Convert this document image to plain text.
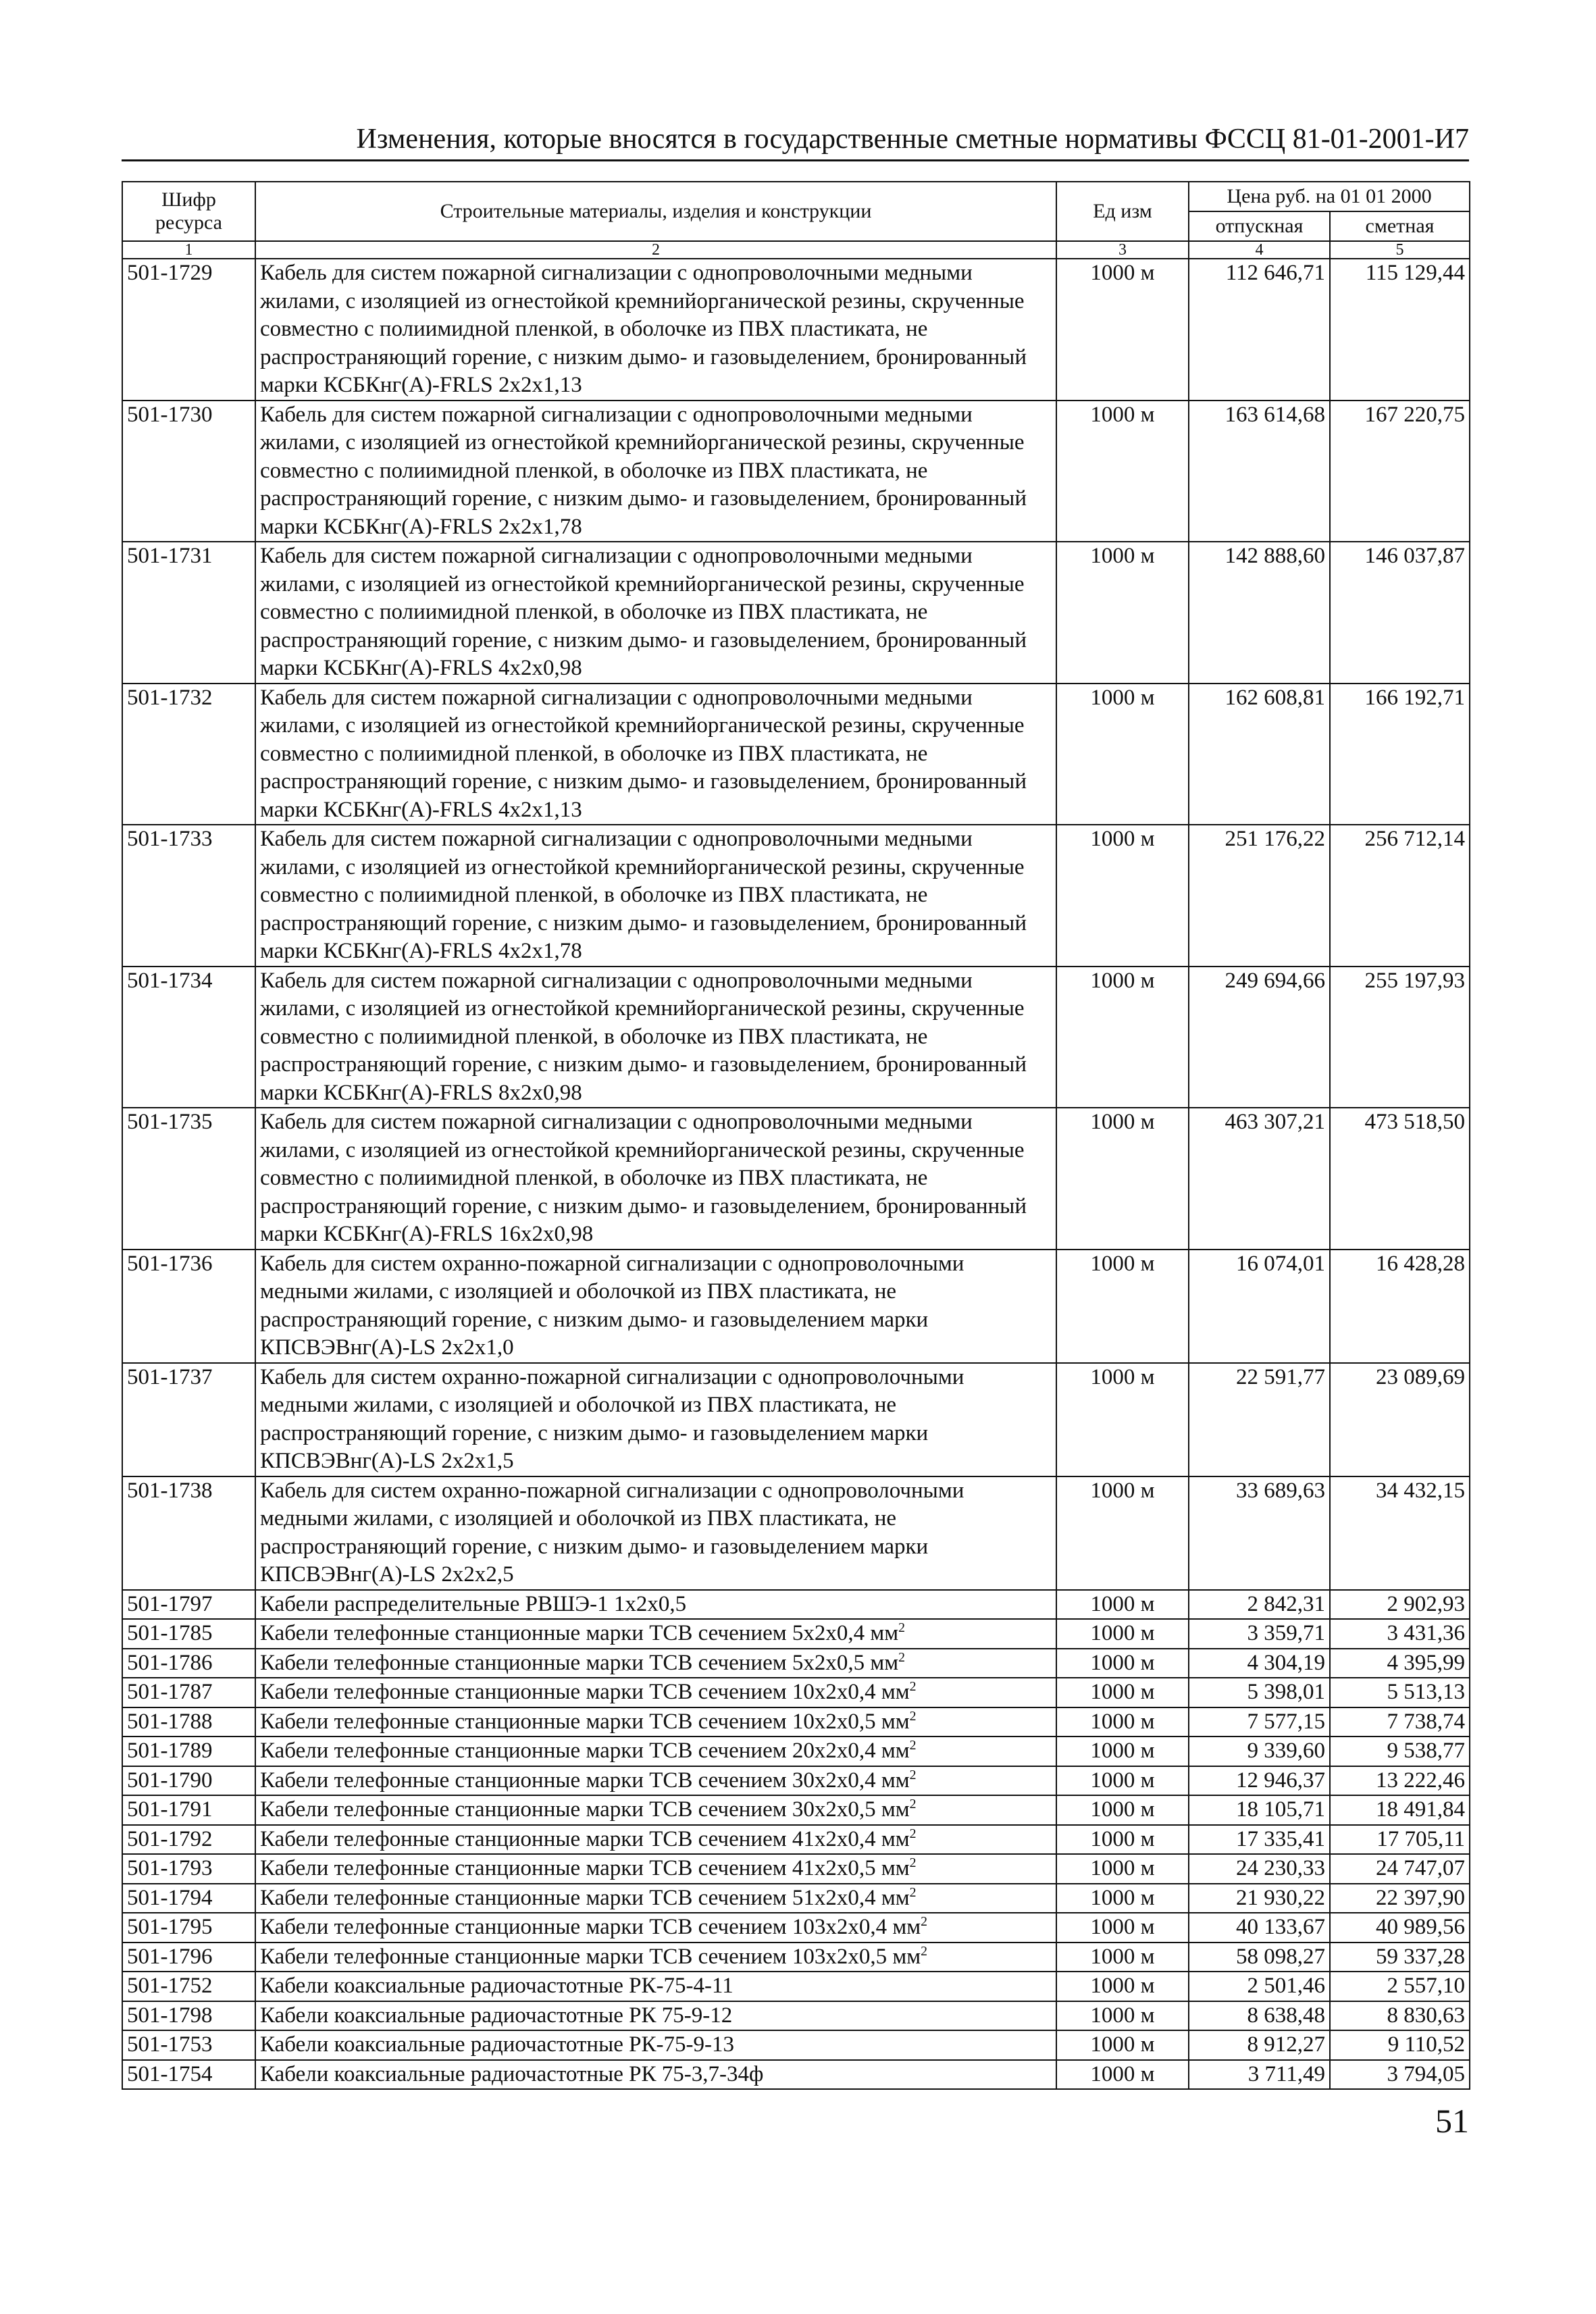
Изменения, которые вносятся в государственные сметные нормативы ФССЦ 81-01-2001-И7
Шифр ресурса	Строительные материалы, изделия и конструкции	Ед изм	Цена руб. на 01 01 2000	
			отпускная	сметная
1	2	3	4	5
501-1729	Кабель для систем пожарной сигнализации с однопроволочными медными жилами, с изоляцией из огнестойкой кремнийорганической резины, скрученные совместно с полиимидной пленкой, в оболочке из ПВХ пластиката, не распространяющий горение, с низким дымо- и газовыделением, бронированный марки КСБКнг(А)-FRLS 2х2х1,13	1000 м	112 646,71	115 129,44
501-1730	Кабель для систем пожарной сигнализации с однопроволочными медными жилами, с изоляцией из огнестойкой кремнийорганической резины, скрученные совместно с полиимидной пленкой, в оболочке из ПВХ пластиката, не распространяющий горение, с низким дымо- и газовыделением, бронированный марки КСБКнг(А)-FRLS 2х2х1,78	1000 м	163 614,68	167 220,75
501-1731	Кабель для систем пожарной сигнализации с однопроволочными медными жилами, с изоляцией из огнестойкой кремнийорганической резины, скрученные совместно с полиимидной пленкой, в оболочке из ПВХ пластиката, не распространяющий горение, с низким дымо- и газовыделением, бронированный марки КСБКнг(А)-FRLS 4х2х0,98	1000 м	142 888,60	146 037,87
501-1732	Кабель для систем пожарной сигнализации с однопроволочными медными жилами, с изоляцией из огнестойкой кремнийорганической резины, скрученные совместно с полиимидной пленкой, в оболочке из ПВХ пластиката, не распространяющий горение, с низким дымо- и газовыделением, бронированный марки КСБКнг(А)-FRLS 4х2х1,13	1000 м	162 608,81	166 192,71
501-1733	Кабель для систем пожарной сигнализации с однопроволочными медными жилами, с изоляцией из огнестойкой кремнийорганической резины, скрученные совместно с полиимидной пленкой, в оболочке из ПВХ пластиката, не распространяющий горение, с низким дымо- и газовыделением, бронированный марки КСБКнг(А)-FRLS 4х2х1,78	1000 м	251 176,22	256 712,14
501-1734	Кабель для систем пожарной сигнализации с однопроволочными медными жилами, с изоляцией из огнестойкой кремнийорганической резины, скрученные совместно с полиимидной пленкой, в оболочке из ПВХ пластиката, не распространяющий горение, с низким дымо- и газовыделением, бронированный марки КСБКнг(А)-FRLS 8х2х0,98	1000 м	249 694,66	255 197,93
501-1735	Кабель для систем пожарной сигнализации с однопроволочными медными жилами, с изоляцией из огнестойкой кремнийорганической резины, скрученные совместно с полиимидной пленкой, в оболочке из ПВХ пластиката, не распространяющий горение, с низким дымо- и газовыделением, бронированный марки КСБКнг(А)-FRLS 16х2х0,98	1000 м	463 307,21	473 518,50
501-1736	Кабель для систем охранно-пожарной сигнализации с однопроволочными медными жилами, с изоляцией и оболочкой из ПВХ пластиката, не распространяющий горение, с низким дымо- и газовыделением марки КПСВЭВнг(А)-LS 2х2х1,0	1000 м	16 074,01	16 428,28
501-1737	Кабель для систем охранно-пожарной сигнализации с однопроволочными медными жилами, с изоляцией и оболочкой из ПВХ пластиката, не распространяющий горение, с низким дымо- и газовыделением марки КПСВЭВнг(А)-LS 2х2х1,5	1000 м	22 591,77	23 089,69
501-1738	Кабель для систем охранно-пожарной сигнализации с однопроволочными медными жилами, с изоляцией и оболочкой из ПВХ пластиката, не распространяющий горение, с низким дымо- и газовыделением марки КПСВЭВнг(А)-LS 2х2х2,5	1000 м	33 689,63	34 432,15
501-1797	Кабели распределительные РВШЭ-1 1х2х0,5	1000 м	2 842,31	2 902,93
501-1785	Кабели телефонные станционные марки ТСВ сечением 5х2х0,4 $мм^2$	1000 м	3 359,71	3 431,36
501-1786	Кабели телефонные станционные марки ТСВ сечением 5х2х0,5 $мм^2$	1000 м	4 304,19	4 395,99
501-1787	Кабели телефонные станционные марки ТСВ сечением 10х2х0,4 $мм^2$	1000 м	5 398,01	5 513,13
501-1788	Кабели телефонные станционные марки ТСВ сечением 10х2х0,5 $мм^2$	1000 м	7 577,15	7 738,74
501-1789	Кабели телефонные станционные марки ТСВ сечением 20х2х0,4 $мм^2$	1000 м	9 339,60	9 538,77
501-1790	Кабели телефонные станционные марки ТСВ сечением 30х2х0,4 $мм^2$	1000 м	12 946,37	13 222,46
501-1791	Кабели телефонные станционные марки ТСВ сечением 30х2х0,5 $мм^2$	1000 м	18 105,71	18 491,84
501-1792	Кабели телефонные станционные марки ТСВ сечением 41х2х0,4 $мм^2$	1000 м	17 335,41	17 705,11
501-1793	Кабели телефонные станционные марки ТСВ сечением 41х2х0,5 $мм^2$	1000 м	24 230,33	24 747,07
501-1794	Кабели телефонные станционные марки ТСВ сечением 51х2х0,4 $мм^2$	1000 м	21 930,22	22 397,90
501-1795	Кабели телефонные станционные марки ТСВ сечением 103х2х0,4 $мм^2$	1000 м	40 133,67	40 989,56
501-1796	Кабели телефонные станционные марки ТСВ сечением 103х2х0,5 $мм^2$	1000 м	58 098,27	59 337,28
501-1752	Кабели коаксиальные радиочастотные РК-75-4-11	1000 м	2 501,46	2 557,10
501-1798	Кабели коаксиальные радиочастотные РК 75-9-12	1000 м	8 638,48	8 830,63
501-1753	Кабели коаксиальные радиочастотные РК-75-9-13	1000 м	8 912,27	9 110,52
501-1754	Кабели коаксиальные радиочастотные РК 75-3,7-34ф	1000 м	3 711,49	3 794,05
51
